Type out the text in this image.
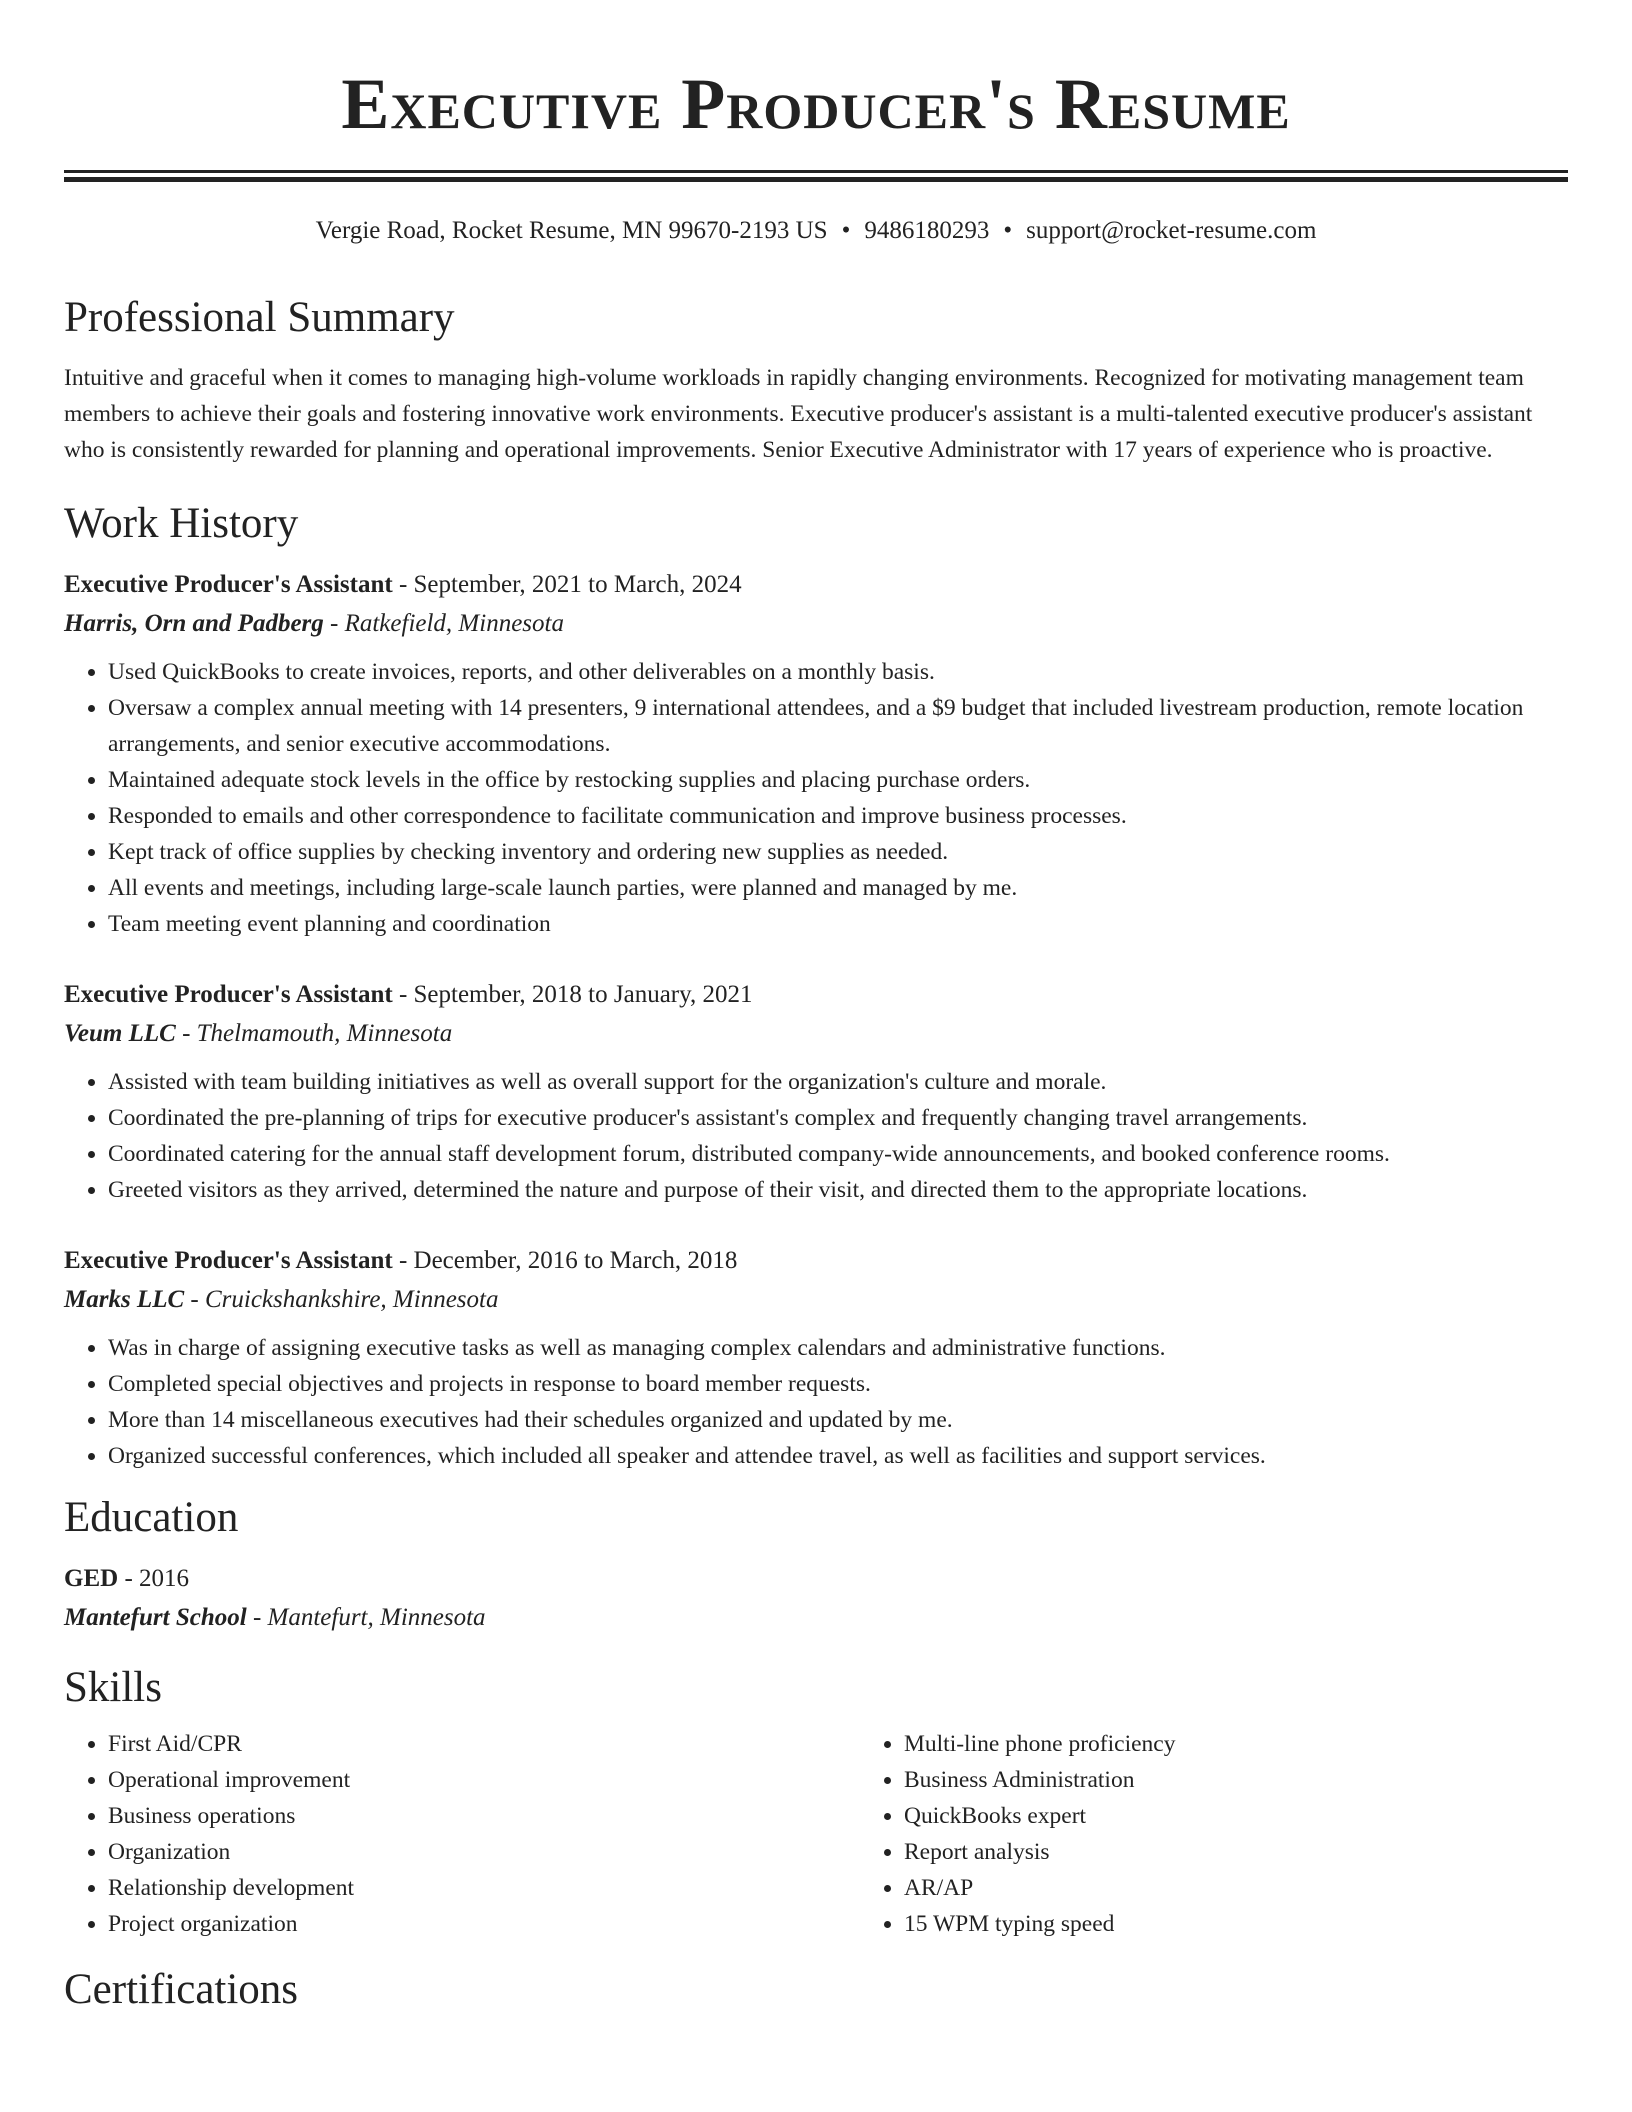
Executive Producer's Resume
Vergie Road, Rocket Resume, MN 99670-2193 US • 9486180293 • support@rocket-resume.com
Professional Summary

Intuitive and graceful when it comes to managing high-volume workloads in rapidly changing environments. Recognized for motivating management team members to achieve their goals and fostering innovative work environments. Executive producer's assistant is a multi-talented executive producer's assistant who is consistently rewarded for planning and operational improvements. Senior Executive Administrator with 17 years of experience who is proactive.

Work History
Executive Producer's Assistant - September, 2021 to March, 2024
Harris, Orn and Padberg - Ratkefield, Minnesota
• Used QuickBooks to create invoices, reports, and other deliverables on a monthly basis.
• Oversaw a complex annual meeting with 14 presenters, 9 international attendees, and a $9 budget that included livestream production, remote location arrangements, and senior executive accommodations.
• Maintained adequate stock levels in the office by restocking supplies and placing purchase orders.
• Responded to emails and other correspondence to facilitate communication and improve business processes.
• Kept track of office supplies by checking inventory and ordering new supplies as needed.
• All events and meetings, including large-scale launch parties, were planned and managed by me.
• Team meeting event planning and coordination
Executive Producer's Assistant - September, 2018 to January, 2021
Veum LLC - Thelmamouth, Minnesota
• Assisted with team building initiatives as well as overall support for the organization's culture and morale.
• Coordinated the pre-planning of trips for executive producer's assistant's complex and frequently changing travel arrangements.
• Coordinated catering for the annual staff development forum, distributed company-wide announcements, and booked conference rooms.
• Greeted visitors as they arrived, determined the nature and purpose of their visit, and directed them to the appropriate locations.
Executive Producer's Assistant - December, 2016 to March, 2018
Marks LLC - Cruickshankshire, Minnesota
• Was in charge of assigning executive tasks as well as managing complex calendars and administrative functions.
• Completed special objectives and projects in response to board member requests.
• More than 14 miscellaneous executives had their schedules organized and updated by me.
• Organized successful conferences, which included all speaker and attendee travel, as well as facilities and support services.
Education
GED - 2016
Mantefurt School - Mantefurt, Minnesota
Skills
• First Aid/CPR
• Operational improvement
• Business operations
• Organization
• Relationship development
• Project organization
• Multi-line phone proficiency
• Business Administration
• QuickBooks expert
• Report analysis
• AR/AP
• 15 WPM typing speed
Certifications
